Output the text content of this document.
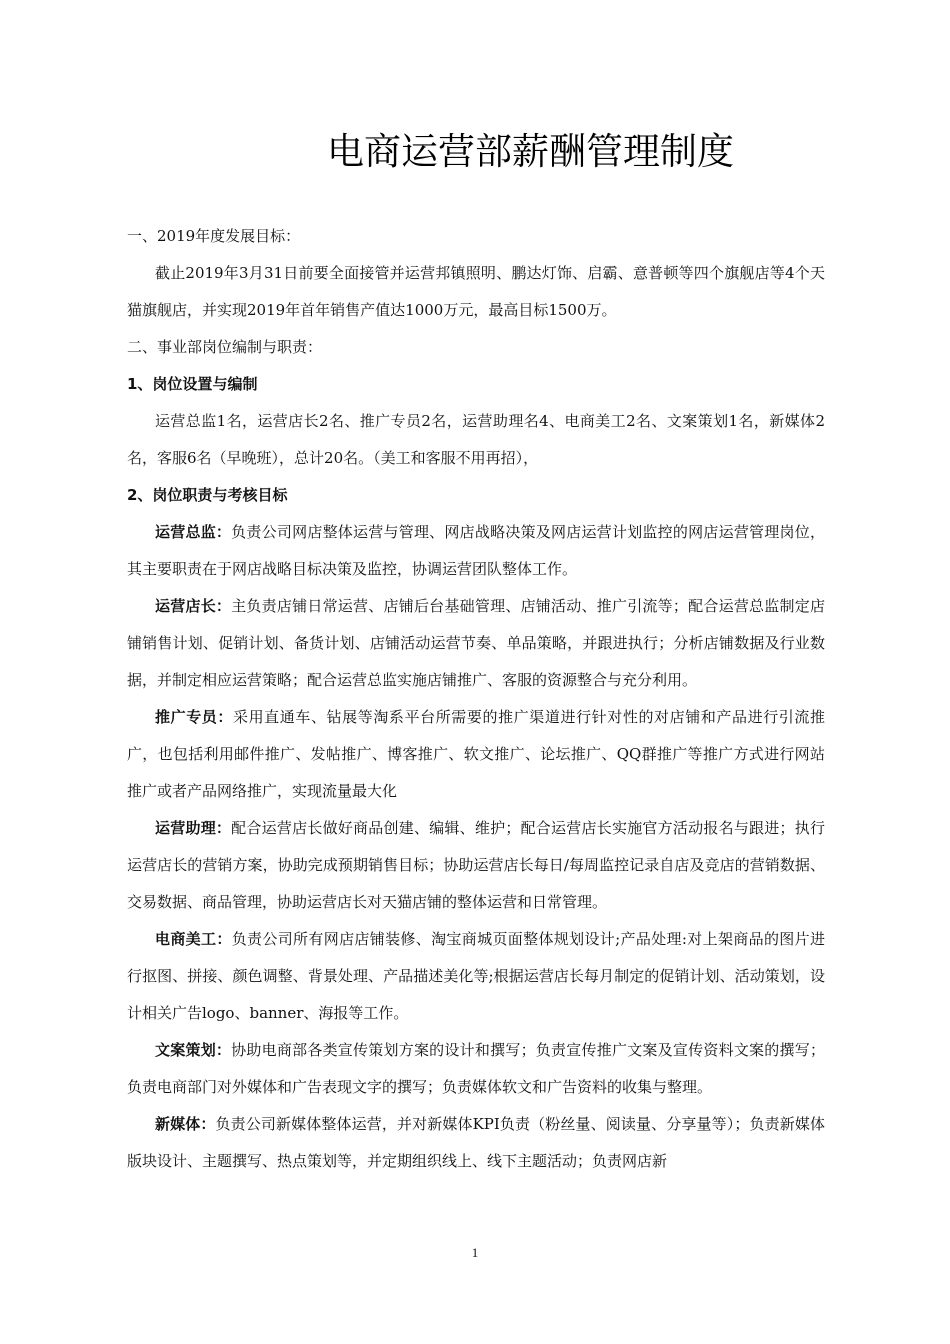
电商运营部薪酬管理制度

一、2019年度发展目标：

截止2019年3月31日前要全面接管并运营邦镇照明、鹏达灯饰、启霸、意普顿等四个旗舰店等4个天猫旗舰店，并实现2019年首年销售产值达1000万元，最高目标1500万。

二、事业部岗位编制与职责：

1、岗位设置与编制

运营总监1名，运营店长2名、推广专员2名，运营助理名4、电商美工2名、文案策划1名，新媒体2名，客服6名（早晚班），总计20名。（美工和客服不用再招），

2、岗位职责与考核目标

运营总监：负责公司网店整体运营与管理、网店战略决策及网店运营计划监控的网店运营管理岗位，其主要职责在于网店战略目标决策及监控，协调运营团队整体工作。

运营店长：主负责店铺日常运营、店铺后台基础管理、店铺活动、推广引流等；配合运营总监制定店铺销售计划、促销计划、备货计划、店铺活动运营节奏、单品策略，并跟进执行；分析店铺数据及行业数据，并制定相应运营策略；配合运营总监实施店铺推广、客服的资源整合与充分利用。

推广专员：采用直通车、钻展等淘系平台所需要的推广渠道进行针对性的对店铺和产品进行引流推广，也包括利用邮件推广、发帖推广、博客推广、软文推广、论坛推广、QQ群推广等推广方式进行网站推广或者产品网络推广，实现流量最大化

运营助理：配合运营店长做好商品创建、编辑、维护；配合运营店长实施官方活动报名与跟进；执行运营店长的营销方案，协助完成预期销售目标；协助运营店长每日/每周监控记录自店及竞店的营销数据、交易数据、商品管理，协助运营店长对天猫店铺的整体运营和日常管理。

电商美工：负责公司所有网店店铺装修、淘宝商城页面整体规划设计;产品处理:对上架商品的图片进行抠图、拼接、颜色调整、背景处理、产品描述美化等;根据运营店长每月制定的促销计划、活动策划，设计相关广告logo、banner、海报等工作。

文案策划：协助电商部各类宣传策划方案的设计和撰写；负责宣传推广文案及宣传资料文案的撰写； 负责电商部门对外媒体和广告表现文字的撰写；负责媒体软文和广告资料的收集与整理。

新媒体：负责公司新媒体整体运营，并对新媒体KPI负责（粉丝量、阅读量、分享量等）；负责新媒体版块设计、主题撰写、热点策划等，并定期组织线上、线下主题活动；负责网店新

1
